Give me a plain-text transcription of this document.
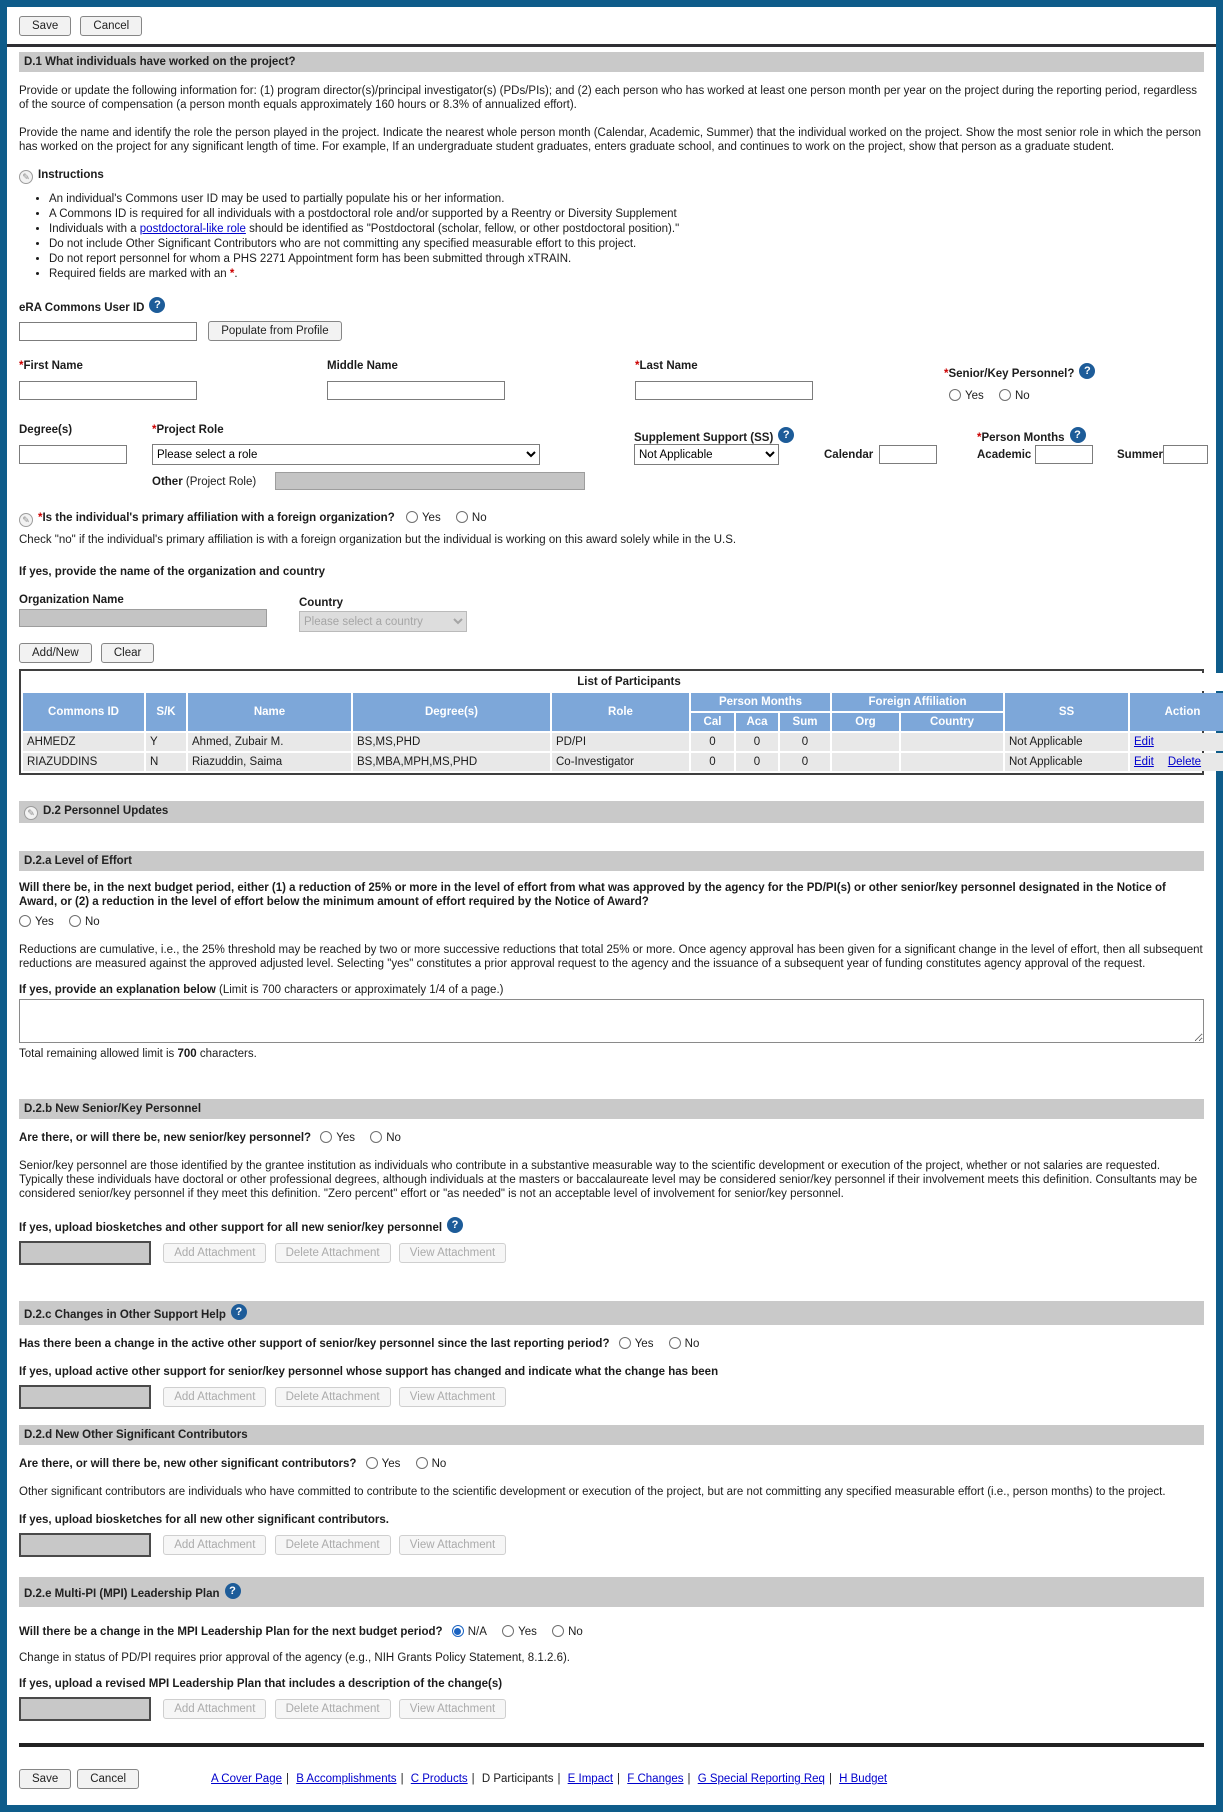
Save	Cancel
D.1 What individuals have worked on the project?

Provide or update the following information for: (1) program director(s)/principal investigator(s) (PDs/PIs); and (2) each person who has worked at least one person month per year on the project during the reporting period, regardless of the source of compensation (a person month equals approximately 160 hours or 8.3% of annualized effort).

Provide the name and identify the role the person played in the project. Indicate the nearest whole person month (Calendar, Academic, Summer) that the individual worked on the project. Show the most senior role in which the person has worked on the project for any significant length of time. For example, If an undergraduate student graduates, enters graduate school, and continues to work on the project, show that person as a graduate student.

✎ Instructions
• An individual's Commons user ID may be used to partially populate his or her information.
• A Commons ID is required for all individuals with a postdoctoral role and/or supported by a Reentry or Diversity Supplement
• Individuals with a postdoctoral-like role should be identified as "Postdoctoral (scholar, fellow, or other postdoctoral position)."
• Do not include Other Significant Contributors who are not committing any specified measurable effort to this project.
• Do not report personnel for whom a PHS 2271 Appointment form has been submitted through xTRAIN.
• Required fields are marked with an *.
eRA Commons User ID ?
Populate from Profile
*First Name	Middle Name	*Last Name
*Senior/Key Personnel? ?
Yes	No
Degree(s)	*Project Role
Please select a role
Other (Project Role)
Supplement Support (SS) ?
Not Applicable	*Person Months ?
Calendar	Academic	Summer
✎ *Is the individual's primary affiliation with a foreign organization? Yes	No

Check "no" if the individual's primary affiliation is with a foreign organization but the individual is working on this award solely while in the U.S.

If yes, provide the name of the organization and country

Organization Name	Country
Please select a country
Add/New	Clear
List of Participants											
Commons ID	S/K	Name	Degree(s)	Role	Person Months			Foreign Affiliation		SS	Action
					Cal	Aca	Sum	Org	Country		
AHMEDZ	Y	Ahmed, Zubair M.	BS,MS,PHD	PD/PI	0	0	0			Not Applicable	Edit
RIAZUDDINS	N	Riazuddin, Saima	BS,MBA,MPH,MS,PHD	Co-Investigator	0	0	0			Not Applicable	Edit Delete
✎ D.2 Personnel Updates
D.2.a Level of Effort

Will there be, in the next budget period, either (1) a reduction of 25% or more in the level of effort from what was approved by the agency for the PD/PI(s) or other senior/key personnel designated in the Notice of Award, or (2) a reduction in the level of effort below the minimum amount of effort required by the Notice of Award?

Yes	No

Reductions are cumulative, i.e., the 25% threshold may be reached by two or more successive reductions that total 25% or more. Once agency approval has been given for a significant change in the level of effort, then all subsequent reductions are measured against the approved adjusted level. Selecting "yes" constitutes a prior approval request to the agency and the issuance of a subsequent year of funding constitutes agency approval of the request.

If yes, provide an explanation below (Limit is 700 characters or approximately 1/4 of a page.)

Total remaining allowed limit is 700 characters.

D.2.b New Senior/Key Personnel
Are there, or will there be, new senior/key personnel? Yes	No

Senior/key personnel are those identified by the grantee institution as individuals who contribute in a substantive measurable way to the scientific development or execution of the project, whether or not salaries are requested. Typically these individuals have doctoral or other professional degrees, although individuals at the masters or baccalaureate level may be considered senior/key personnel if their involvement meets this definition. Consultants may be considered senior/key personnel if they meet this definition. "Zero percent" effort or "as needed" is not an acceptable level of involvement for senior/key personnel.

If yes, upload biosketches and other support for all new senior/key personnel ?
Add Attachment	Delete Attachment	View Attachment
D.2.c Changes in Other Support Help ?
Has there been a change in the active other support of senior/key personnel since the last reporting period? Yes	No

If yes, upload active other support for senior/key personnel whose support has changed and indicate what the change has been

Add Attachment	Delete Attachment	View Attachment
D.2.d New Other Significant Contributors
Are there, or will there be, new other significant contributors? Yes	No

Other significant contributors are individuals who have committed to contribute to the scientific development or execution of the project, but are not committing any specified measurable effort (i.e., person months) to the project.

If yes, upload biosketches for all new other significant contributors.

Add Attachment	Delete Attachment	View Attachment
D.2.e Multi-PI (MPI) Leadership Plan ?
Will there be a change in the MPI Leadership Plan for the next budget period? N/A	Yes	No

Change in status of PD/PI requires prior approval of the agency (e.g., NIH Grants Policy Statement, 8.1.2.6).

If yes, upload a revised MPI Leadership Plan that includes a description of the change(s)

Add Attachment	Delete Attachment	View Attachment
Save	Cancel	A Cover Page | B Accomplishments | C Products | D Participants | E Impact | F Changes | G Special Reporting Req | H Budget
